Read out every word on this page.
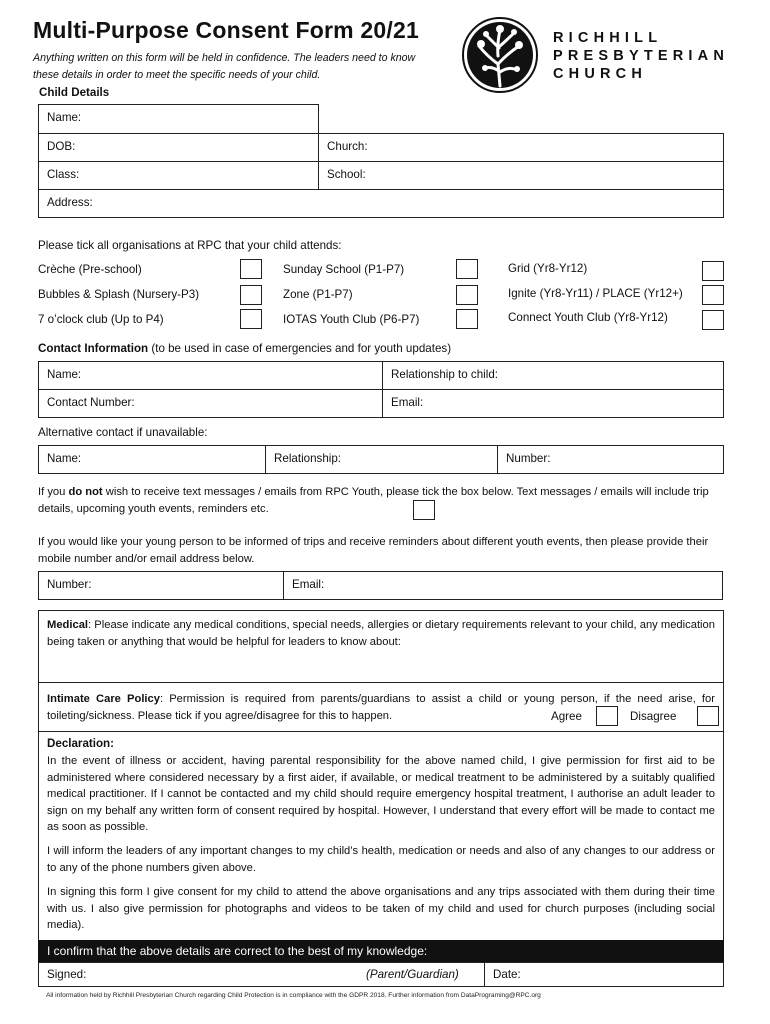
Multi-Purpose Consent Form 20/21
Anything written on this form will be held in confidence. The leaders need to know these details in order to meet the specific needs of your child.
RICHHILL
PRESBYTERIAN
CHURCH
Child Details
Name:
DOB:	Church:
Class:	School:
Address:
Please tick all organisations at RPC that your child attends:
Crèche (Pre-school)
Bubbles & Splash (Nursery-P3)
7 o’clock club (Up to P4)
Sunday School (P1-P7)
Zone (P1-P7)
IOTAS Youth Club (P6-P7)
Grid (Yr8-Yr12)
Ignite (Yr8-Yr11) / PLACE (Yr12+)
Connect Youth Club (Yr8-Yr12)
Contact Information (to be used in case of emergencies and for youth updates)
Name:	Relationship to child:
Contact Number:	Email:
Alternative contact if unavailable:
Name:	Relationship:	Number:
If you do not wish to receive text messages / emails from RPC Youth, please tick the box below. Text messages / emails will include trip details, upcoming youth events, reminders etc.
If you would like your young person to be informed of trips and receive reminders about different youth events, then please provide their mobile number and/or email address below.
Number:	Email:
Medical: Please indicate any medical conditions, special needs, allergies or dietary requirements relevant to your child, any medication being taken or anything that would be helpful for leaders to know about:
Intimate Care Policy: Permission is required from parents/guardians to assist a child or young person, if the need arise, for toileting/sickness. Please tick if you agree/disagree for this to happen.	Agree	Disagree
Declaration:
In the event of illness or accident, having parental responsibility for the above named child, I give permission for first aid to be administered where considered necessary by a first aider, if available, or medical treatment to be administered by a suitably qualified medical practitioner. If I cannot be contacted and my child should require emergency hospital treatment, I authorise an adult leader to sign on my behalf any written form of consent required by hospital. However, I understand that every effort will be made to contact me as soon as possible.
I will inform the leaders of any important changes to my child’s health, medication or needs and also of any changes to our address or to any of the phone numbers given above.
In signing this form I give consent for my child to attend the above organisations and any trips associated with them during their time with us. I also give permission for photographs and videos to be taken of my child and used for church purposes (including social media).
I confirm that the above details are correct to the best of my knowledge:
Signed:	(Parent/Guardian)	Date:
All information held by Richhill Presbyterian Church regarding Child Protection is in compliance with the GDPR 2018. Further information from DataPrograming@RPC.org
